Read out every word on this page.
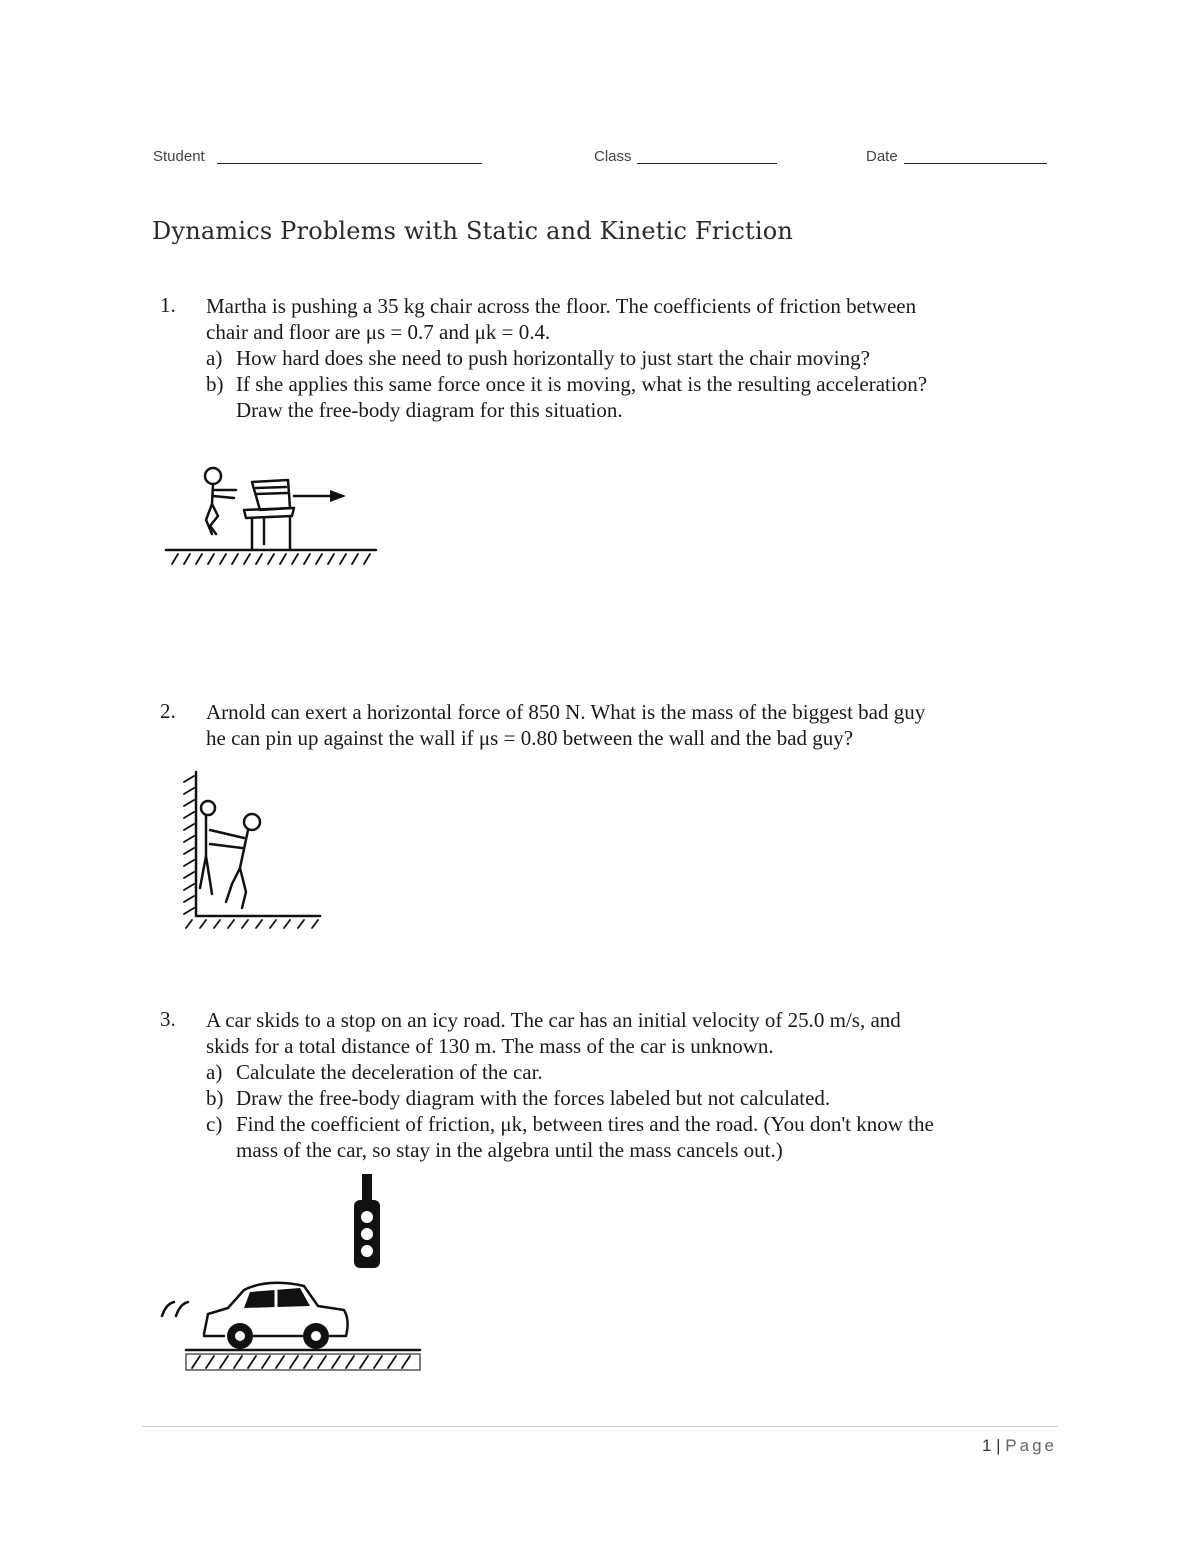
Student	Class	Date
Dynamics Problems with Static and Kinetic Friction
1. Martha is pushing a 35 kg chair across the floor. The coefficients of friction between
chair and floor are μs = 0.7 and μk = 0.4.
a) How hard does she need to push horizontally to just start the chair moving?
b) If she applies this same force once it is moving, what is the resulting acceleration?
Draw the free-body diagram for this situation.
2. Arnold can exert a horizontal force of 850 N. What is the mass of the biggest bad guy
he can pin up against the wall if μs = 0.80 between the wall and the bad guy?
3. A car skids to a stop on an icy road. The car has an initial velocity of 25.0 m/s, and
skids for a total distance of 130 m. The mass of the car is unknown.
a) Calculate the deceleration of the car.
b) Draw the free-body diagram with the forces labeled but not calculated.
c) Find the coefficient of friction, μk, between tires and the road. (You don't know the
mass of the car, so stay in the algebra until the mass cancels out.)
1 | Page
